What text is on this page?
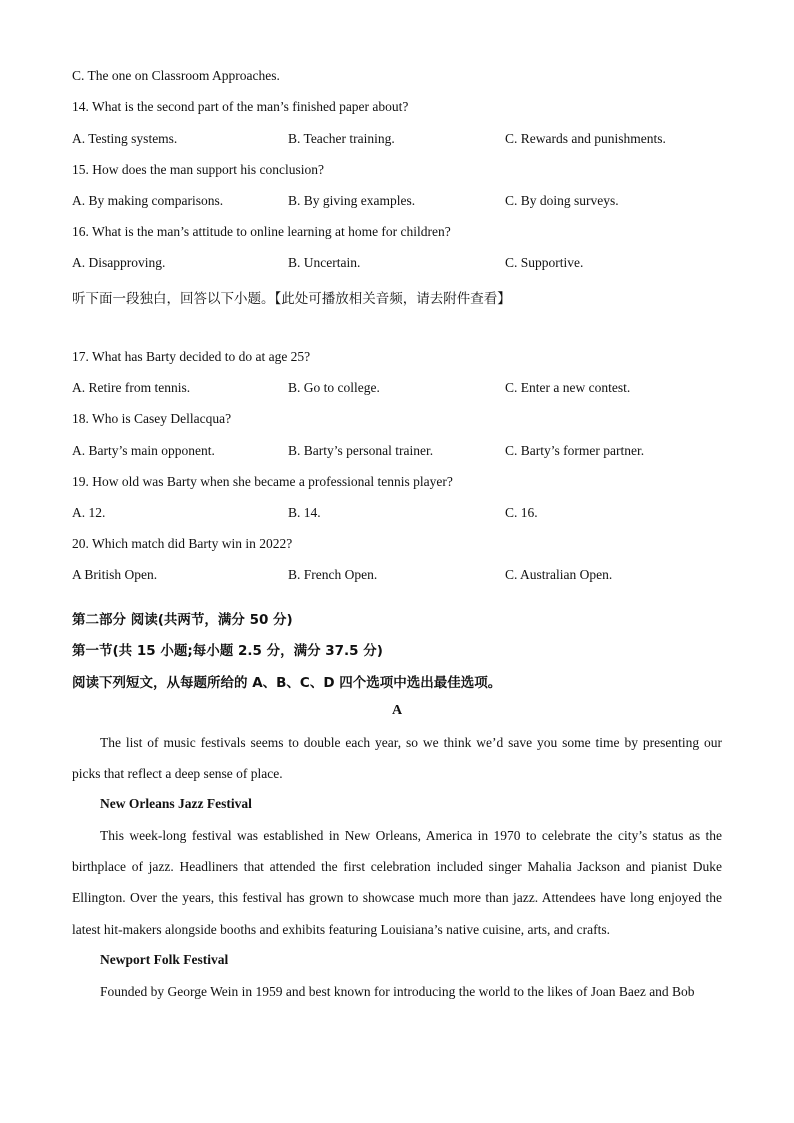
C. The one on Classroom Approaches.
14. What is the second part of the man’s finished paper about?
A. Testing systems.	B. Teacher training.	C. Rewards and punishments.
15. How does the man support his conclusion?
A. By making comparisons.	B. By giving examples.	C. By doing surveys.
16. What is the man’s attitude to online learning at home for children?
A. Disapproving.	B. Uncertain.	C. Supportive.
听下面一段独白，回答以下小题。【此处可播放相关音频，请去附件查看】
17. What has Barty decided to do at age 25?
A. Retire from tennis.	B. Go to college.	C. Enter a new contest.
18. Who is Casey Dellacqua?
A. Barty’s main opponent.	B. Barty’s personal trainer.	C. Barty’s former partner.
19. How old was Barty when she became a professional tennis player?
A. 12.	B. 14.	C. 16.
20. Which match did Barty win in 2022?
A British Open.	B. French Open.	C. Australian Open.
第二部分 阅读(共两节，满分 50 分)
第一节(共 15 小题;每小题 2.5 分，满分 37.5 分)
阅读下列短文，从每题所给的 A、B、C、D 四个选项中选出最佳选项。
A
The list of music festivals seems to double each year, so we think we’d save you some time by presenting our picks that reflect a deep sense of place.
New Orleans Jazz Festival
This week-long festival was established in New Orleans, America in 1970 to celebrate the city’s status as the birthplace of jazz. Headliners that attended the first celebration included singer Mahalia Jackson and pianist Duke Ellington. Over the years, this festival has grown to showcase much more than jazz. Attendees have long enjoyed the latest hit-makers alongside booths and exhibits featuring Louisiana’s native cuisine, arts, and crafts.
Newport Folk Festival
Founded by George Wein in 1959 and best known for introducing the world to the likes of Joan Baez and Bob
